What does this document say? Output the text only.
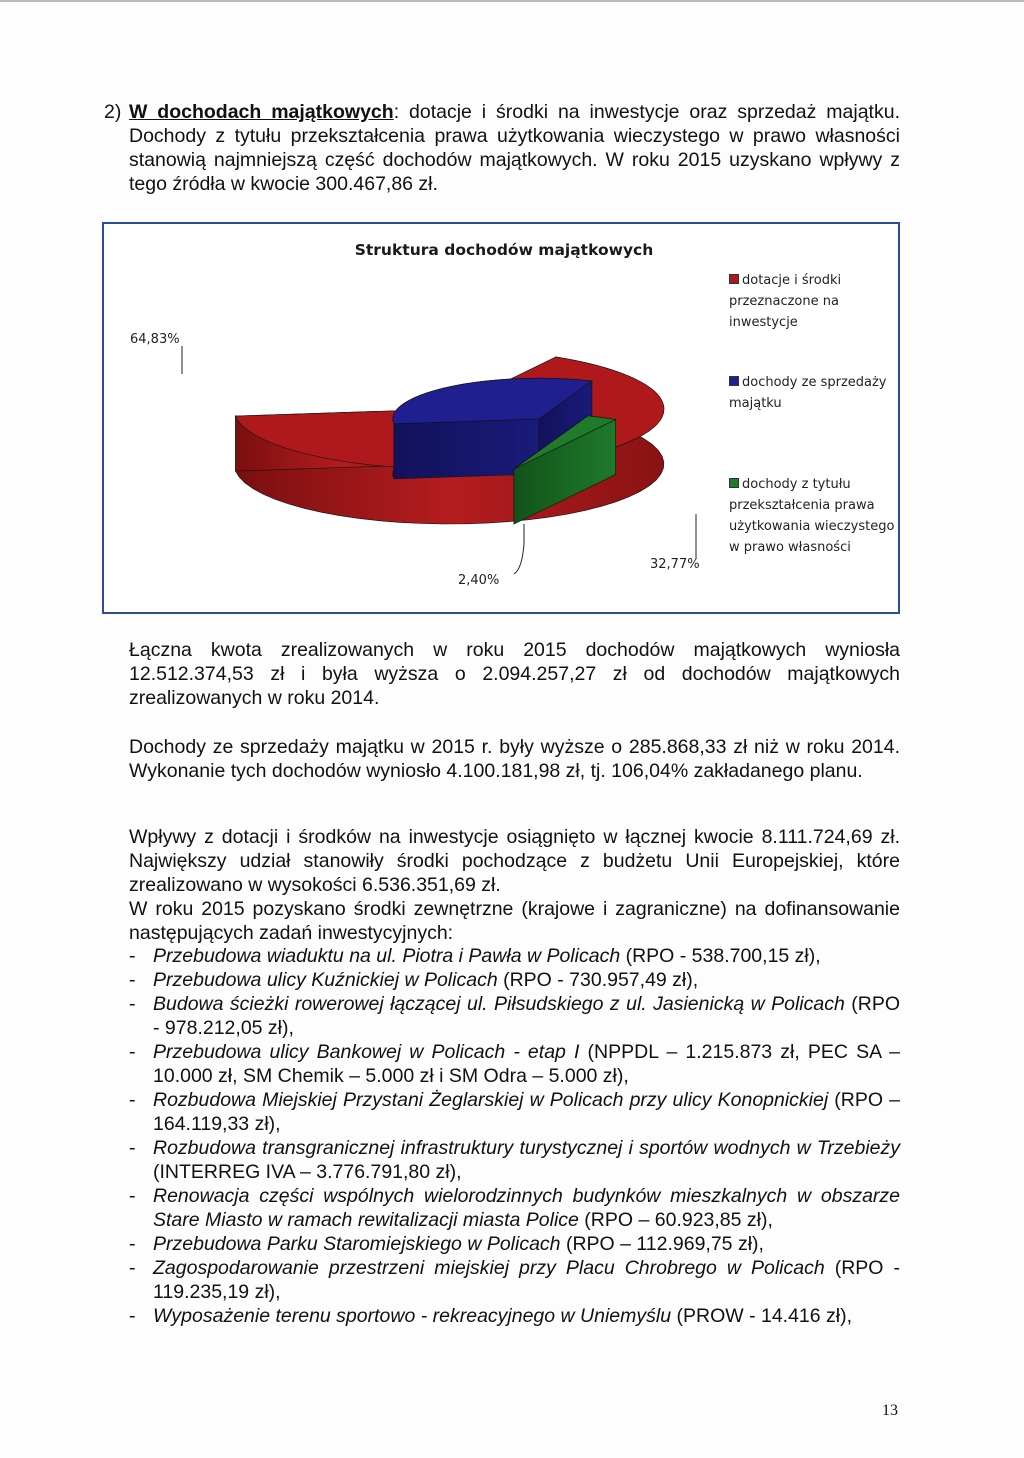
2) W dochodach majątkowych: dotacje i środki na inwestycje oraz sprzedaż majątku. Dochody z tytułu przekształcenia prawa użytkowania wieczystego w prawo własności stanowią najmniejszą część dochodów majątkowych. W roku 2015 uzyskano wpływy z tego źródła w kwocie 300.467,86 zł.
Struktura dochodów majątkowych
64,83%
2,40%
32,77%
dotacje i środki przeznaczone na inwestycje
dochody ze sprzedaży majątku
dochody z tytułu przekształcenia prawa użytkowania wieczystego w prawo własności
Łączna kwota zrealizowanych w roku 2015 dochodów majątkowych wyniosła 12.512.374,53 zł i była wyższa o 2.094.257,27 zł od dochodów majątkowych zrealizowanych w roku 2014.
Dochody ze sprzedaży majątku w 2015 r. były wyższe o 285.868,33 zł niż w roku 2014. Wykonanie tych dochodów wyniosło 4.100.181,98 zł, tj. 106,04% zakładanego planu.
Wpływy z dotacji i środków na inwestycje osiągnięto w łącznej kwocie 8.111.724,69 zł. Największy udział stanowiły środki pochodzące z budżetu Unii Europejskiej, które zrealizowano w wysokości 6.536.351,69 zł.
W roku 2015 pozyskano środki zewnętrzne (krajowe i zagraniczne) na dofinansowanie następujących zadań inwestycyjnych:
- Przebudowa wiaduktu na ul. Piotra i Pawła w Policach (RPO - 538.700,15 zł),
- Przebudowa ulicy Kuźnickiej w Policach (RPO - 730.957,49 zł),
- Budowa ścieżki rowerowej łączącej ul. Piłsudskiego z ul. Jasienicką w Policach (RPO - 978.212,05 zł),
- Przebudowa ulicy Bankowej w Policach - etap I (NPPDL – 1.215.873 zł, PEC SA – 10.000 zł, SM Chemik – 5.000 zł i SM Odra – 5.000 zł),
- Rozbudowa Miejskiej Przystani Żeglarskiej w Policach przy ulicy Konopnickiej (RPO – 164.119,33 zł),
- Rozbudowa transgranicznej infrastruktury turystycznej i sportów wodnych w Trzebieży (INTERREG IVA – 3.776.791,80 zł),
- Renowacja części wspólnych wielorodzinnych budynków mieszkalnych w obszarze Stare Miasto w ramach rewitalizacji miasta Police (RPO – 60.923,85 zł),
- Przebudowa Parku Staromiejskiego w Policach (RPO – 112.969,75 zł),
- Zagospodarowanie przestrzeni miejskiej przy Placu Chrobrego w Policach (RPO - 119.235,19 zł),
- Wyposażenie terenu sportowo - rekreacyjnego w Uniemyślu (PROW - 14.416 zł),
13
